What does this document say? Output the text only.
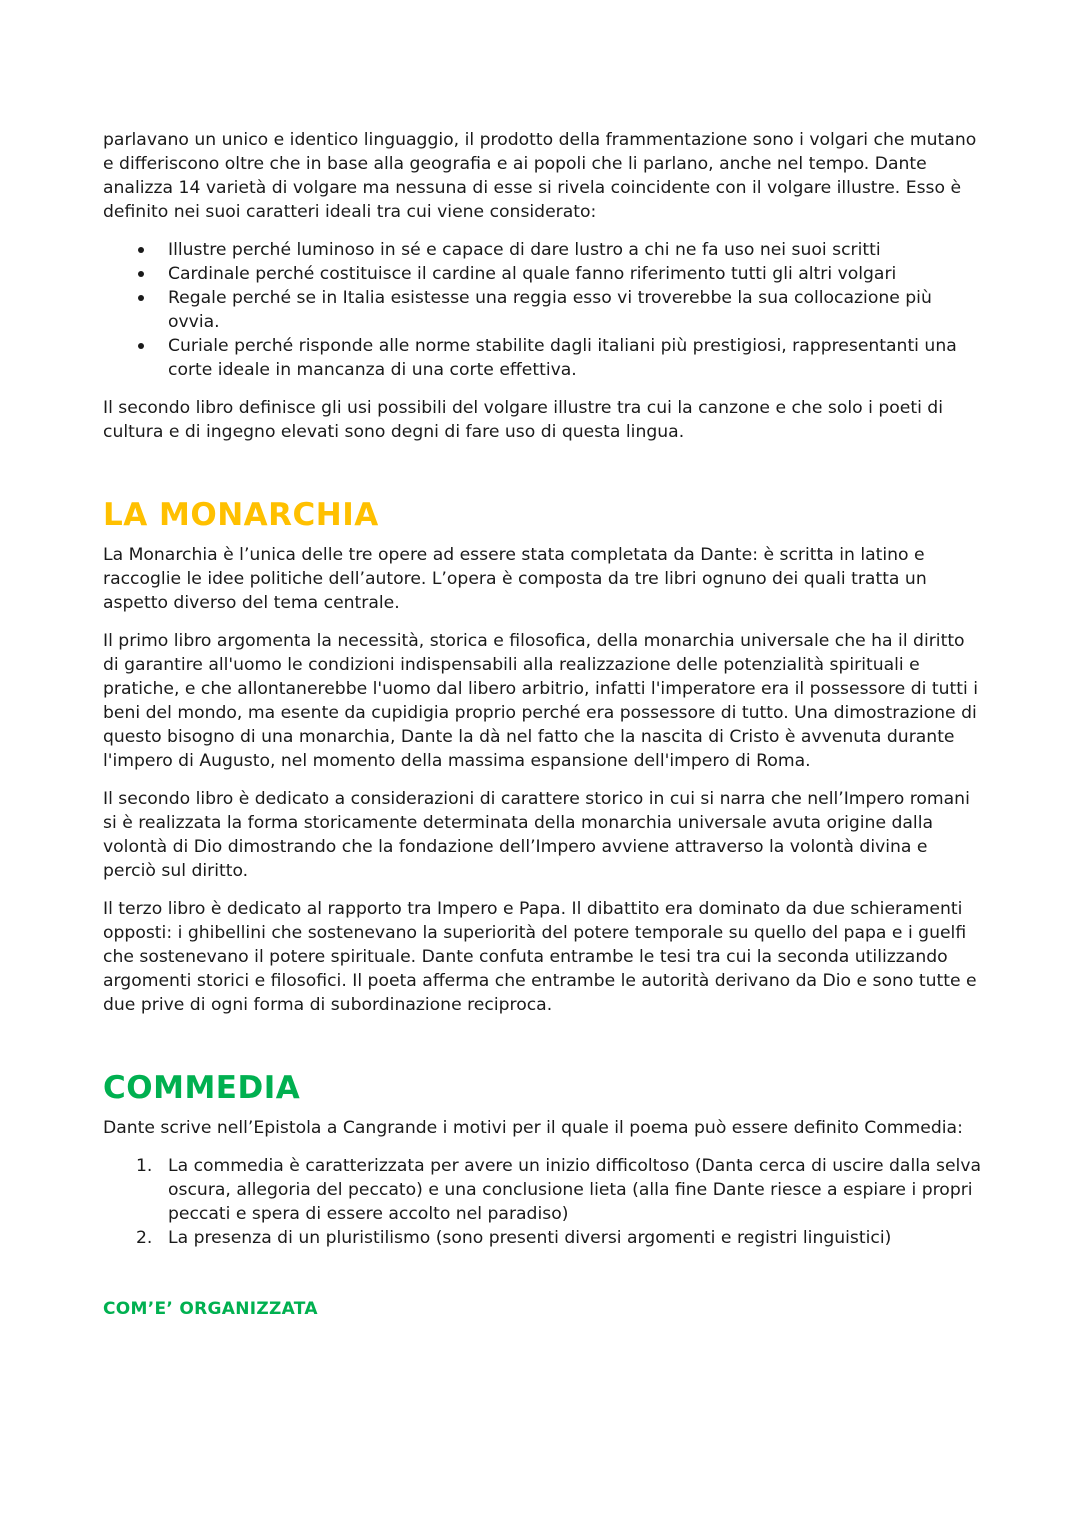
parlavano un unico e identico linguaggio, il prodotto della frammentazione sono i volgari che mutano e differiscono oltre che in base alla geografia e ai popoli che li parlano, anche nel tempo. Dante analizza 14 varietà di volgare ma nessuna di esse si rivela coincidente con il volgare illustre. Esso è definito nei suoi caratteri ideali tra cui viene considerato:

Illustre perché luminoso in sé e capace di dare lustro a chi ne fa uso nei suoi scritti
Cardinale perché costituisce il cardine al quale fanno riferimento tutti gli altri volgari
Regale perché se in Italia esistesse una reggia esso vi troverebbe la sua collocazione più ovvia.
Curiale perché risponde alle norme stabilite dagli italiani più prestigiosi, rappresentanti una corte ideale in mancanza di una corte effettiva.

Il secondo libro definisce gli usi possibili del volgare illustre tra cui la canzone e che solo i poeti di cultura e di ingegno elevati sono degni di fare uso di questa lingua.

LA MONARCHIA

La Monarchia è l’unica delle tre opere ad essere stata completata da Dante: è scritta in latino e raccoglie le idee politiche dell’autore. L’opera è composta da tre libri ognuno dei quali tratta un aspetto diverso del tema centrale.

Il primo libro argomenta la necessità, storica e filosofica, della monarchia universale che ha il diritto di garantire all'uomo le condizioni indispensabili alla realizzazione delle potenzialità spirituali e pratiche, e che allontanerebbe l'uomo dal libero arbitrio, infatti l'imperatore era il possessore di tutti i beni del mondo, ma esente da cupidigia proprio perché era possessore di tutto. Una dimostrazione di questo bisogno di una monarchia, Dante la dà nel fatto che la nascita di Cristo è avvenuta durante l'impero di Augusto, nel momento della massima espansione dell'impero di Roma.

Il secondo libro è dedicato a considerazioni di carattere storico in cui si narra che nell’Impero romani si è realizzata la forma storicamente determinata della monarchia universale avuta origine dalla volontà di Dio dimostrando che la fondazione dell’Impero avviene attraverso la volontà divina e perciò sul diritto.

Il terzo libro è dedicato al rapporto tra Impero e Papa. Il dibattito era dominato da due schieramenti opposti: i ghibellini che sostenevano la superiorità del potere temporale su quello del papa e i guelfi che sostenevano il potere spirituale. Dante confuta entrambe le tesi tra cui la seconda utilizzando argomenti storici e filosofici. Il poeta afferma che entrambe le autorità derivano da Dio e sono tutte e due prive di ogni forma di subordinazione reciproca.

COMMEDIA

Dante scrive nell’Epistola a Cangrande i motivi per il quale il poema può essere definito Commedia:

1. La commedia è caratterizzata per avere un inizio difficoltoso (Danta cerca di uscire dalla selva oscura, allegoria del peccato) e una conclusione lieta (alla fine Dante riesce a espiare i propri peccati e spera di essere accolto nel paradiso)
2. La presenza di un pluristilismo (sono presenti diversi argomenti e registri linguistici)
COM’E’ ORGANIZZATA
